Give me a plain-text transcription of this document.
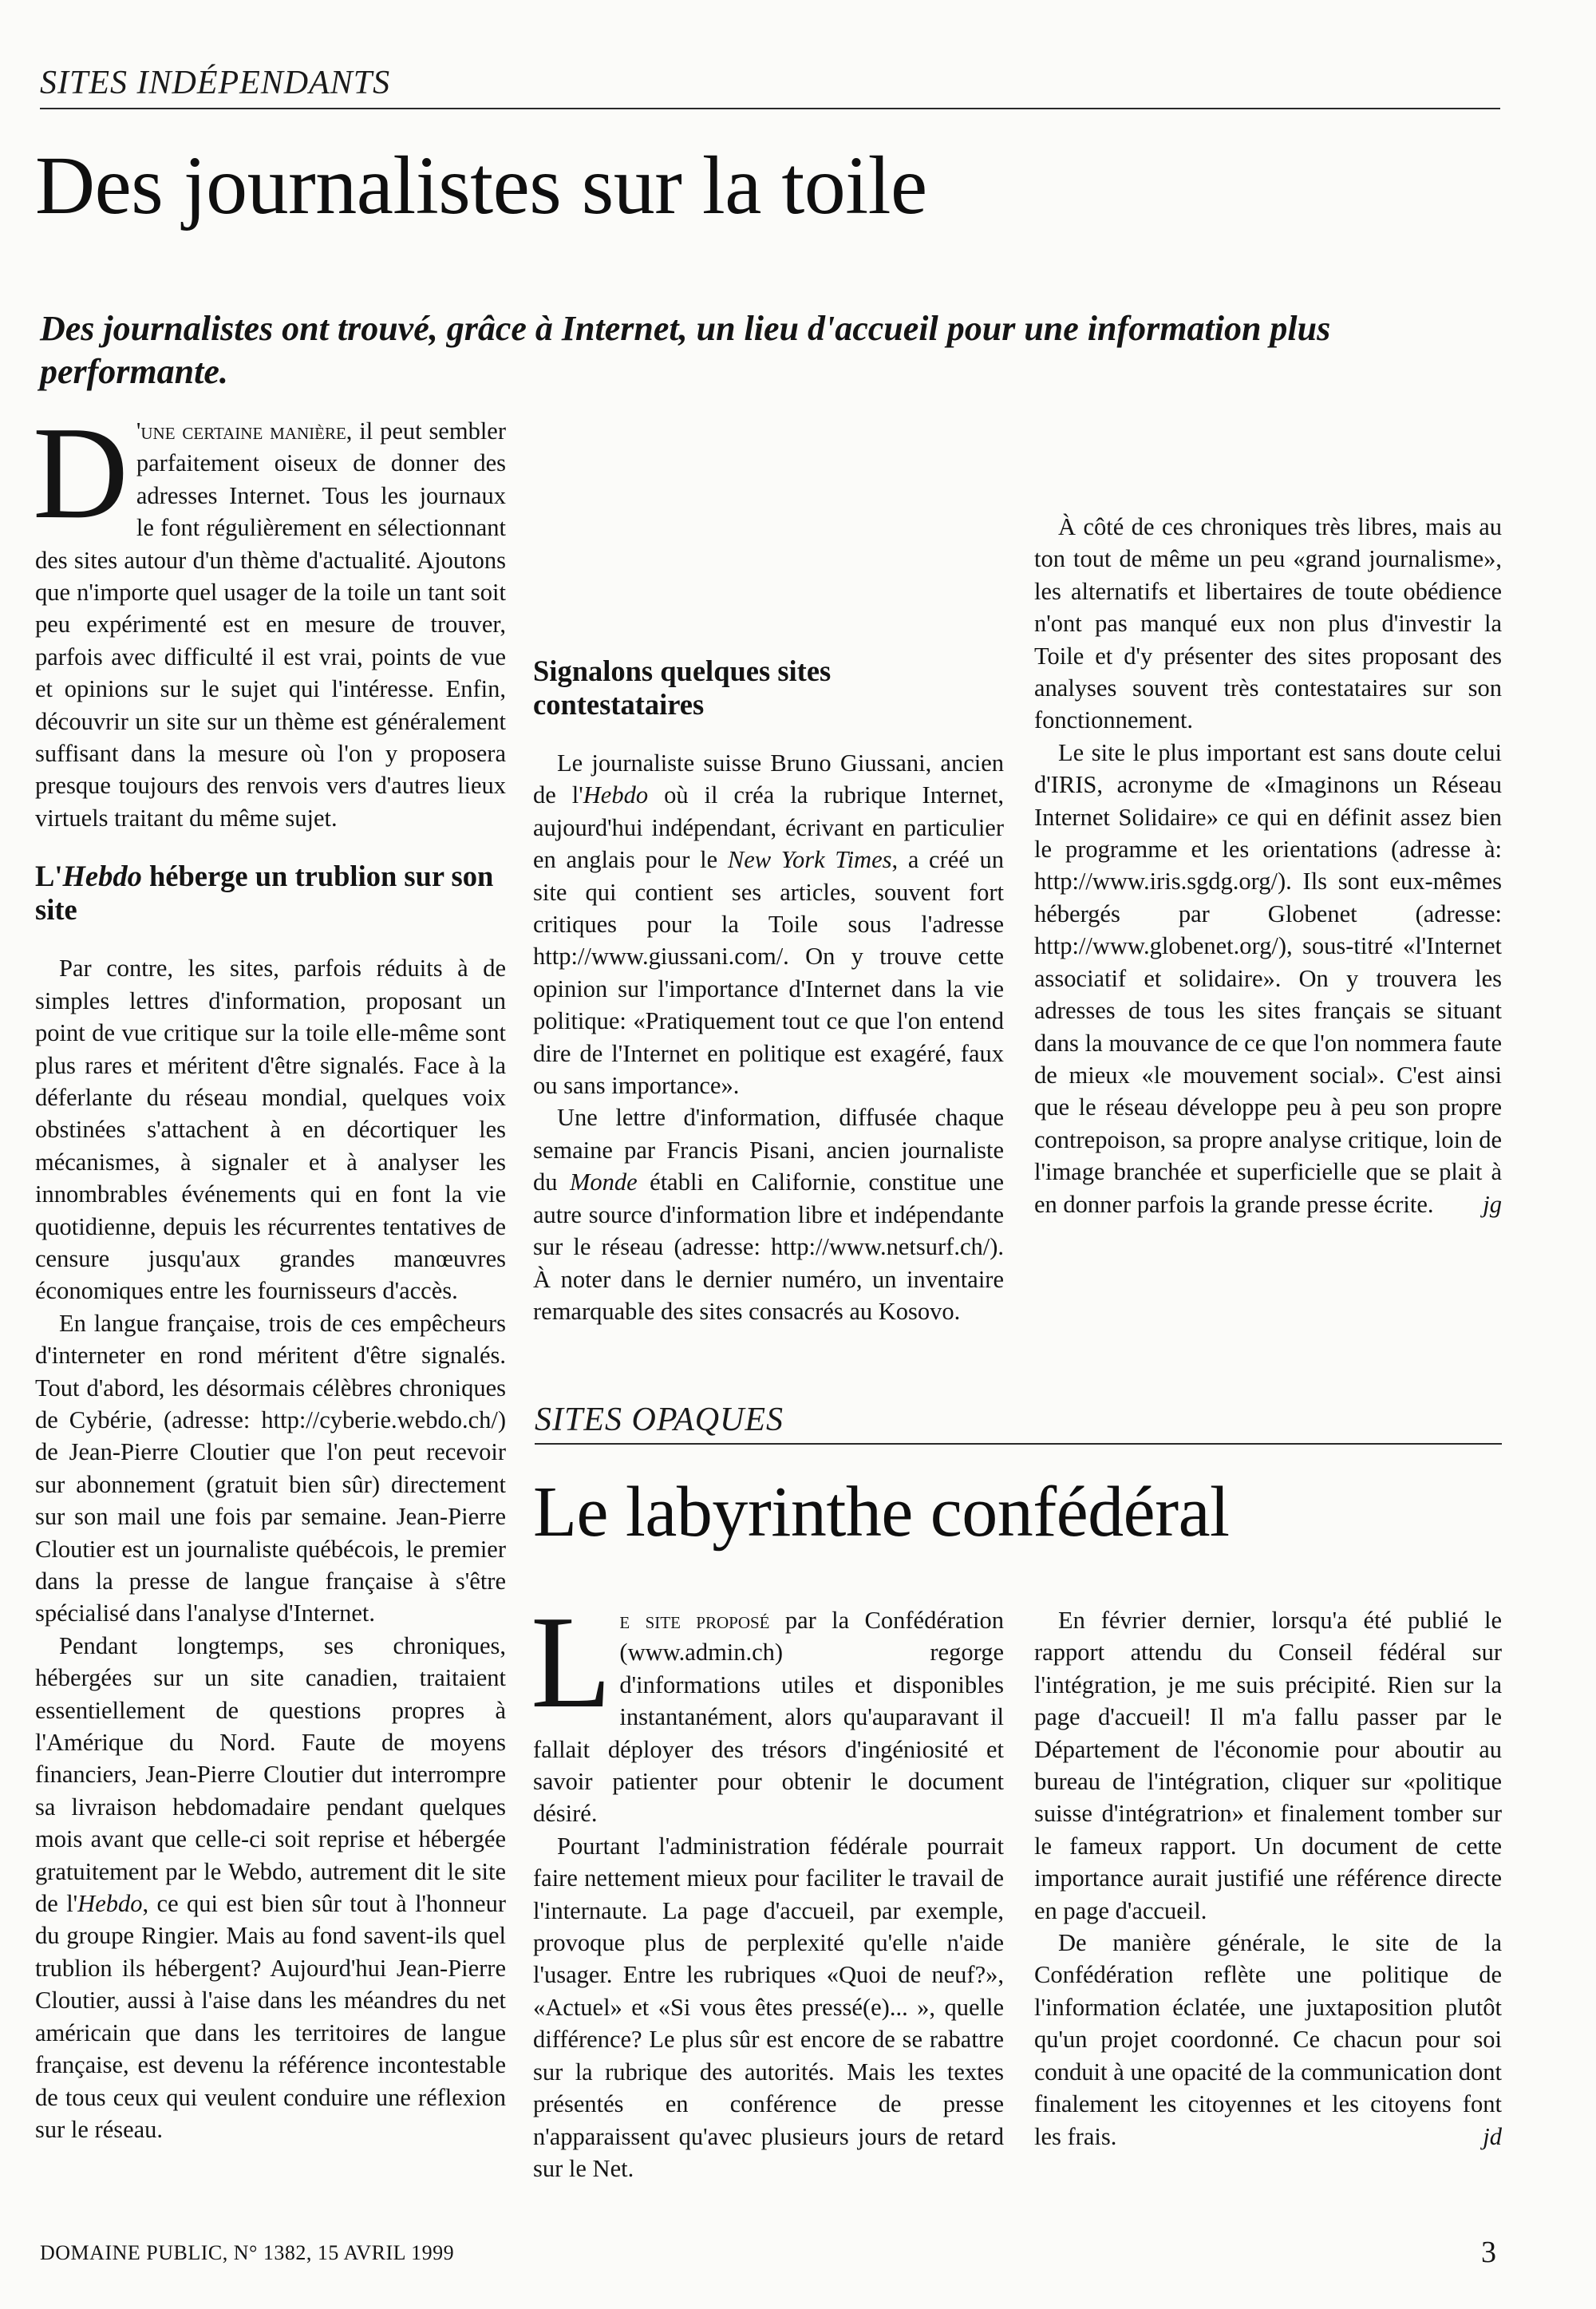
SITES INDÉPENDANTS
Des journalistes sur la toile
Des journalistes ont trouvé, grâce à Internet, un lieu d'accueil pour une information plus performante.

D 'une certaine manière, il peut sembler parfaitement oiseux de donner des adresses Internet. Tous les journaux le font régulièrement en sélectionnant des sites autour d'un thème d'actualité. Ajoutons que n'importe quel usager de la toile un tant soit peu expérimenté est en mesure de trouver, parfois avec difficulté il est vrai, points de vue et opinions sur le sujet qui l'intéresse. Enfin, découvrir un site sur un thème est généralement suffisant dans la mesure où l'on y proposera presque toujours des renvois vers d'autres lieux virtuels traitant du même sujet.

L'Hebdo héberge un trublion sur son site

Par contre, les sites, parfois réduits à de simples lettres d'information, proposant un point de vue critique sur la toile elle-même sont plus rares et méritent d'être signalés. Face à la déferlante du réseau mondial, quelques voix obstinées s'attachent à en décortiquer les mécanismes, à signaler et à analyser les innombrables événements qui en font la vie quotidienne, depuis les récurrentes tentatives de censure jusqu'aux grandes manœuvres économiques entre les fournisseurs d'accès.

En langue française, trois de ces empêcheurs d'interneter en rond méritent d'être signalés. Tout d'abord, les désormais célèbres chroniques de Cybérie, (adresse: http://cyberie.webdo.ch/) de Jean-Pierre Cloutier que l'on peut recevoir sur abonnement (gratuit bien sûr) directement sur son mail une fois par semaine. Jean-Pierre Cloutier est un journaliste québécois, le premier dans la presse de langue française à s'être spécialisé dans l'analyse d'Internet.

Pendant longtemps, ses chroniques, hébergées sur un site canadien, traitaient essentiellement de questions propres à l'Amérique du Nord. Faute de moyens financiers, Jean-Pierre Cloutier dut interrompre sa livraison hebdomadaire pendant quelques mois avant que celle-ci soit reprise et hébergée gratuitement par le Webdo, autrement dit le site de l'Hebdo, ce qui est bien sûr tout à l'honneur du groupe Ringier. Mais au fond savent-ils quel trublion ils hébergent? Aujourd'hui Jean-Pierre Cloutier, aussi à l'aise dans les méandres du net américain que dans les territoires de langue française, est devenu la référence incontestable de tous ceux qui veulent conduire une réflexion sur le réseau.

Signalons quelques sites contestataires

Le journaliste suisse Bruno Giussani, ancien de l'Hebdo où il créa la rubrique Internet, aujourd'hui indépendant, écrivant en particulier en anglais pour le New York Times, a créé un site qui contient ses articles, souvent fort critiques pour la Toile sous l'adresse http://www.giussani.com/. On y trouve cette opinion sur l'importance d'Internet dans la vie politique: «Pratiquement tout ce que l'on entend dire de l'Internet en politique est exagéré, faux ou sans importance».

Une lettre d'information, diffusée chaque semaine par Francis Pisani, ancien journaliste du Monde établi en Californie, constitue une autre source d'information libre et indépendante sur le réseau (adresse: http://www.netsurf.ch/). À noter dans le dernier numéro, un inventaire remarquable des sites consacrés au Kosovo.

À côté de ces chroniques très libres, mais au ton tout de même un peu «grand journalisme», les alternatifs et libertaires de toute obédience n'ont pas manqué eux non plus d'investir la Toile et d'y présenter des sites proposant des analyses souvent très contestataires sur son fonctionnement.

Le site le plus important est sans doute celui d'IRIS, acronyme de «Imaginons un Réseau Internet Solidaire» ce qui en définit assez bien le programme et les orientations (adresse à: http://www.iris.sgdg.org/). Ils sont eux-mêmes hébergés par Globenet (adresse: http://www.globenet.org/), sous-titré «l'Internet associatif et solidaire». On y trouvera les adresses de tous les sites français se situant dans la mouvance de ce que l'on nommera faute de mieux «le mouvement social». C'est ainsi que le réseau développe peu à peu son propre contrepoison, sa propre analyse critique, loin de l'image branchée et superficielle que se plait à en donner parfois la grande presse écrite.	jg

SITES OPAQUES
Le labyrinthe confédéral

Le site proposé par la Confédération (www.admin.ch) regorge d'informations utiles et disponibles instantanément, alors qu'auparavant il fallait déployer des trésors d'ingéniosité et savoir patienter pour obtenir le document désiré.

Pourtant l'administration fédérale pourrait faire nettement mieux pour faciliter le travail de l'internaute. La page d'accueil, par exemple, provoque plus de perplexité qu'elle n'aide l'usager. Entre les rubriques «Quoi de neuf?», «Actuel» et «Si vous êtes pressé(e)... », quelle différence? Le plus sûr est encore de se rabattre sur la rubrique des autorités. Mais les textes présentés en conférence de presse n'apparaissent qu'avec plusieurs jours de retard sur le Net.

En février dernier, lorsqu'a été publié le rapport attendu du Conseil fédéral sur l'intégration, je me suis précipité. Rien sur la page d'accueil! Il m'a fallu passer par le Département de l'économie pour aboutir au bureau de l'intégration, cliquer sur «politique suisse d'intégratrion» et finalement tomber sur le fameux rapport. Un document de cette importance aurait justifié une référence directe en page d'accueil.

De manière générale, le site de la Confédération reflète une politique de l'information éclatée, une juxtaposition plutôt qu'un projet coordonné. Ce chacun pour soi conduit à une opacité de la communication dont finalement les citoyennes et les citoyens font les frais.	jd

DOMAINE PUBLIC, N° 1382, 15 AVRIL 1999	3
